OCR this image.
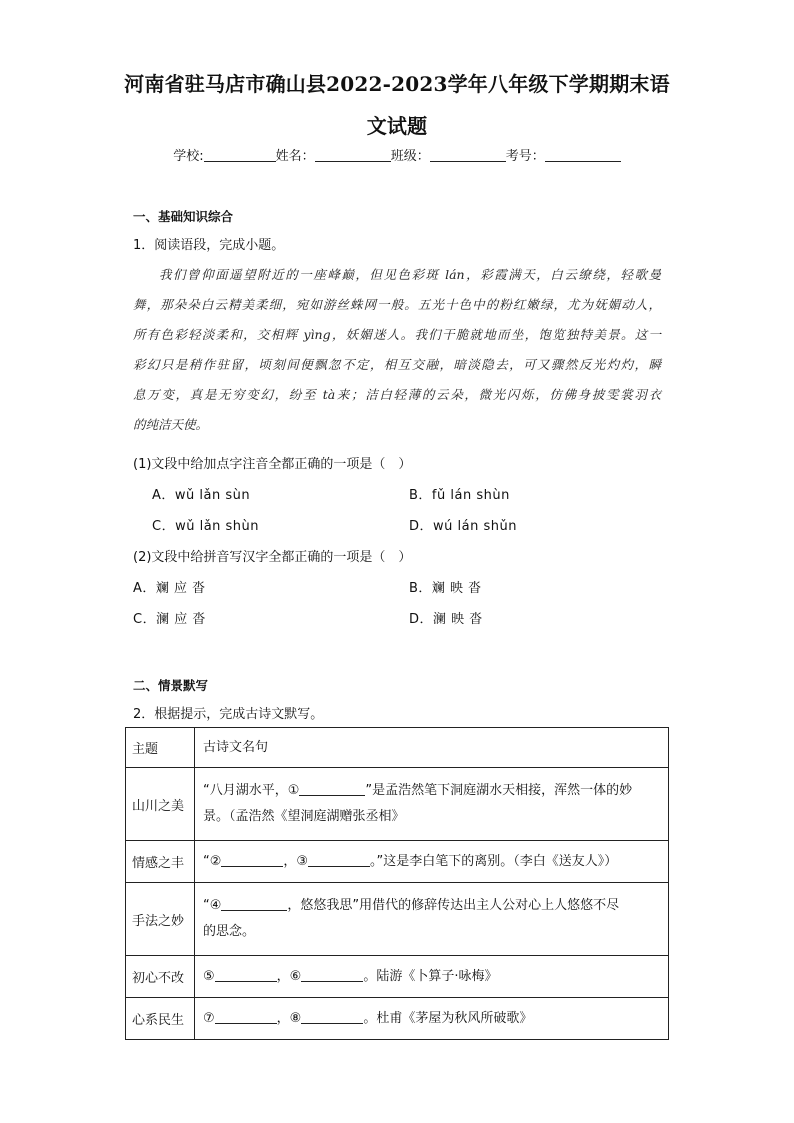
河南省驻马店市确山县2022-2023学年八年级下学期期末语
文试题
学校:	姓名：	班级：	考号：
一、基础知识综合
1．阅读语段，完成小题。
我们曾仰面遥望附近的一座峰巅，但见色彩斑 lán，彩霞满天，白云缭绕，轻歌曼
舞，那朵朵白云精美柔细，宛如游丝蛛网一般。五光十色中的粉红嫩绿，尤为妩媚动人，
所有色彩轻淡柔和，交相辉 yìng，妖媚迷人。我们干脆就地而坐，饱览独特美景。这一
彩幻只是稍作驻留，顷刻间便飘忽不定，相互交融，暗淡隐去，可又骤然反光灼灼，瞬
息万变，真是无穷变幻，纷至 tà来；洁白轻薄的云朵，微光闪烁，仿佛身披雯裳羽衣
的纯洁天使。
(1)文段中给加点字注音全都正确的一项是（　）
A．wǔ lǎn sùn	B．fǔ lán shùn
C．wǔ lǎn shùn	D．wú lán shǔn
(2)文段中给拼音写汉字全都正确的一项是（　）
A．斓 应 沓	B．斓 映 沓
C．澜 应 沓	D．澜 映 沓
二、情景默写
2．根据提示，完成古诗文默写。
主题	古诗文名句
山川之美	“八月湖水平，① ”是孟浩然笔下洞庭湖水天相接，浑然一体的妙
景。（孟浩然《望洞庭湖赠张丞相》
情感之丰	“② ，③ 。”这是李白笔下的离别。（李白《送友人》）
手法之妙	“④ ，悠悠我思”用借代的修辞传达出主人公对心上人悠悠不尽
的思念。
初心不改	⑤ ，⑥ 。陆游《卜算子·咏梅》
心系民生	⑦ ，⑧ 。杜甫《茅屋为秋风所破歌》
